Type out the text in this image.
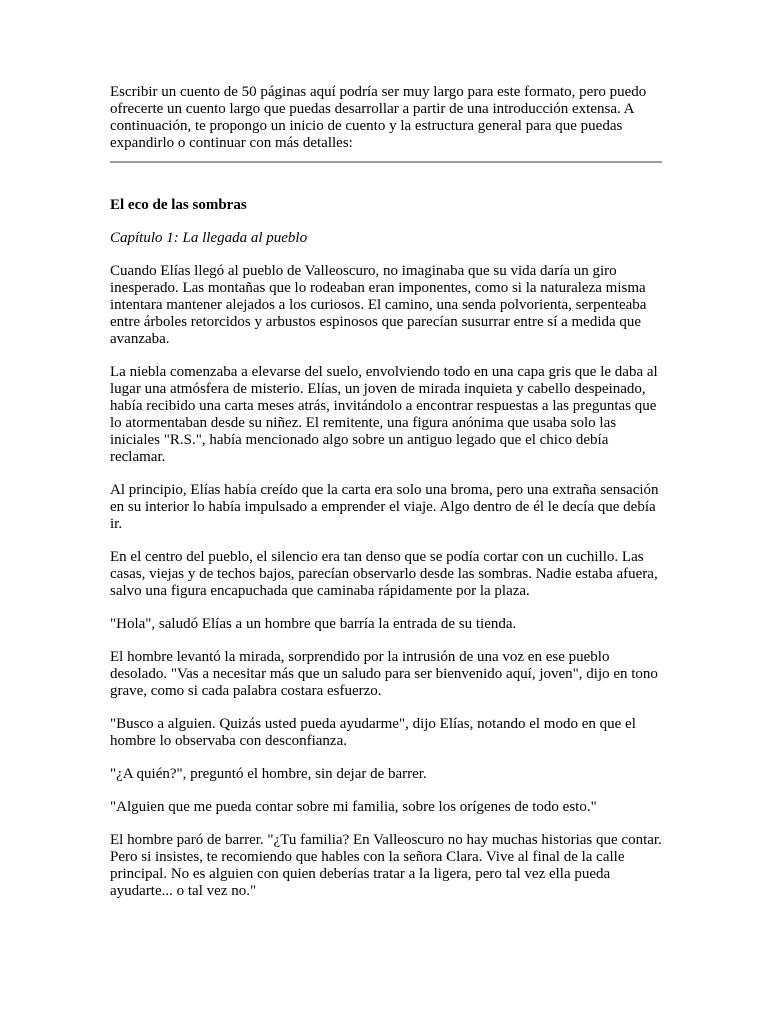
Escribir un cuento de 50 páginas aquí podría ser muy largo para este formato, pero puedo ofrecerte un cuento largo que puedas desarrollar a partir de una introducción extensa. A continuación, te propongo un inicio de cuento y la estructura general para que puedas expandirlo o continuar con más detalles:

El eco de las sombras

Capítulo 1: La llegada al pueblo

Cuando Elías llegó al pueblo de Valleoscuro, no imaginaba que su vida daría un giro inesperado. Las montañas que lo rodeaban eran imponentes, como si la naturaleza misma intentara mantener alejados a los curiosos. El camino, una senda polvorienta, serpenteaba entre árboles retorcidos y arbustos espinosos que parecían susurrar entre sí a medida que avanzaba.

La niebla comenzaba a elevarse del suelo, envolviendo todo en una capa gris que le daba al lugar una atmósfera de misterio. Elías, un joven de mirada inquieta y cabello despeinado, había recibido una carta meses atrás, invitándolo a encontrar respuestas a las preguntas que lo atormentaban desde su niñez. El remitente, una figura anónima que usaba solo las iniciales "R.S.", había mencionado algo sobre un antiguo legado que el chico debía reclamar.

Al principio, Elías había creído que la carta era solo una broma, pero una extraña sensación en su interior lo había impulsado a emprender el viaje. Algo dentro de él le decía que debía ir.

En el centro del pueblo, el silencio era tan denso que se podía cortar con un cuchillo. Las casas, viejas y de techos bajos, parecían observarlo desde las sombras. Nadie estaba afuera, salvo una figura encapuchada que caminaba rápidamente por la plaza.

"Hola", saludó Elías a un hombre que barría la entrada de su tienda.

El hombre levantó la mirada, sorprendido por la intrusión de una voz en ese pueblo desolado. "Vas a necesitar más que un saludo para ser bienvenido aquí, joven", dijo en tono grave, como si cada palabra costara esfuerzo.

"Busco a alguien. Quizás usted pueda ayudarme", dijo Elías, notando el modo en que el hombre lo observaba con desconfianza.

"¿A quién?", preguntó el hombre, sin dejar de barrer.

"Alguien que me pueda contar sobre mi familia, sobre los orígenes de todo esto."

El hombre paró de barrer. "¿Tu familia? En Valleoscuro no hay muchas historias que contar. Pero si insistes, te recomiendo que hables con la señora Clara. Vive al final de la calle principal. No es alguien con quien deberías tratar a la ligera, pero tal vez ella pueda ayudarte... o tal vez no."
